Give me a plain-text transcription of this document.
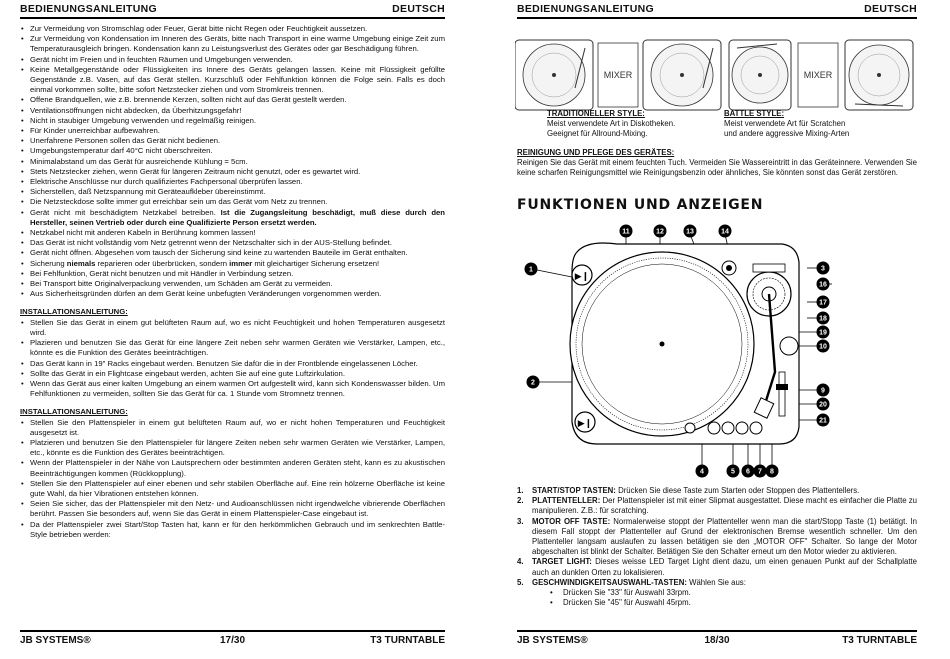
BEDIENUNGSANLEITUNG	DEUTSCH
• Zur Vermeidung von Stromschlag oder Feuer, Gerät bitte nicht Regen oder Feuchtigkeit aussetzen.
• Zur Vermeidung von Kondensation im Inneren des Geräts, bitte nach Transport in eine warme Umgebung einige Zeit zum Temperaturausgleich bringen. Kondensation kann zu Leistungsverlust des Gerätes oder gar Beschädigung führen.
• Gerät nicht im Freien und in feuchten Räumen und Umgebungen verwenden.
• Keine Metallgegenstände oder Flüssigkeiten ins Innere des Geräts gelangen lassen. Keine mit Flüssigkeit gefüllte Gegenstände z.B. Vasen, auf das Gerät stellen. Kurzschluß oder Fehlfunktion können die Folge sein. Falls es doch einmal vorkommen sollte, bitte sofort Netzstecker ziehen und vom Stromkreis trennen.
• Offene Brandquellen, wie z.B. brennende Kerzen, sollten nicht auf das Gerät gestellt werden.
• Ventilationsöffnungen nicht abdecken, da Überhitzungsgefahr!
• Nicht in staubiger Umgebung verwenden und regelmäßig reinigen.
• Für Kinder unerreichbar aufbewahren.
• Unerfahrene Personen sollen das Gerät nicht bedienen.
• Umgebungstemperatur darf 40°C nicht überschreiten.
• Minimalabstand um das Gerät für ausreichende Kühlung = 5cm.
• Stets Netzstecker ziehen, wenn Gerät für längeren Zeitraum nicht genutzt, oder es gewartet wird.
• Elektrische Anschlüsse nur durch qualifiziertes Fachpersonal überprüfen lassen.
• Sicherstellen, daß Netzspannung mit Geräteaufkleber übereinstimmt.
• Die Netzsteckdose sollte immer gut erreichbar sein um das Gerät vom Netz zu trennen.
• Gerät nicht mit beschädigtem Netzkabel betreiben. Ist die Zugangsleitung beschädigt, muß diese durch den Hersteller, seinen Vertrieb oder durch eine Qualifizierte Person ersetzt werden.
• Netzkabel nicht mit anderen Kabeln in Berührung kommen lassen!
• Das Gerät ist nicht vollständig vom Netz getrennt wenn der Netzschalter sich in der AUS-Stellung befindet.
• Gerät nicht öffnen. Abgesehen vom tausch der Sicherung sind keine zu wartenden Bauteile im Gerät enthalten.
• Sicherung niemals reparieren oder überbrücken, sondern immer mit gleichartiger Sicherung ersetzen!
• Bei Fehlfunktion, Gerät nicht benutzen und mit Händler in Verbindung setzen.
• Bei Transport bitte Originalverpackung verwenden, um Schäden am Gerät zu vermeiden.
• Aus Sicherheitsgründen dürfen an dem Gerät keine unbefugten Veränderungen vorgenommen werden.
INSTALLATIONSANLEITUNG:
• Stellen Sie das Gerät in einem gut belüfteten Raum auf, wo es nicht Feuchtigkeit und hohen Temperaturen ausgesetzt wird.
• Plazieren und benutzen Sie das Gerät für eine längere Zeit neben sehr warmen Geräten wie Verstärker, Lampen, etc., könnte es die Funktion des Gerätes beeinträchtigen.
• Das Gerät kann in 19" Racks eingebaut werden. Benutzen Sie dafür die in der Frontblende eingelassenen Löcher.
• Sollte das Gerät in ein Flightcase eingebaut werden, achten Sie auf eine gute Luftzirkulation.
• Wenn das Gerät aus einer kalten Umgebung an einem warmen Ort aufgestellt wird, kann sich Kondenswasser bilden. Um Fehlfunktionen zu vermeiden, sollten Sie das Gerät für ca. 1 Stunde vom Stromnetz trennen.
INSTALLATIONSANLEITUNG:
• Stellen Sie den Plattenspieler in einem gut belüfteten Raum auf, wo er nicht hohen Temperaturen und Feuchtigkeit ausgesetzt ist.
• Platzieren und benutzen Sie den Plattenspieler für längere Zeiten neben sehr warmen Geräten wie Verstärker, Lampen, etc., könnte es die Funktion des Gerätes beeinträchtigen.
• Wenn der Plattenspieler in der Nähe von Lautsprechern oder bestimmten anderen Geräten steht, kann es zu akustischen Beeinträchtigungen kommen (Rückkopplung).
• Stellen Sie den Plattenspieler auf einer ebenen und sehr stabilen Oberfläche auf. Eine rein hölzerne Oberfläche ist keine gute Wahl, da hier Vibrationen entstehen können.
• Seien Sie sicher, das der Plattenspieler mit den Netz- und Audioanschlüssen nicht irgendwelche vibrierende Oberflächen berührt. Passen Sie besonders auf, wenn Sie das Gerät in einem Plattenspieler-Case eingebaut ist.
• Da der Plattenspieler zwei Start/Stop Tasten hat, kann er für den herkömmlichen Gebrauch und im senkrechten Battle-Style betrieben werden:
JB SYSTEMS®	17/30	T3 TURNTABLE
BEDIENUNGSANLEITUNG	DEUTSCH
MIXER	MIXER
TRADITIONELLER STYLE:
Meist verwendete Art in Diskotheken.
Geeignet für Allround-Mixing.
BATTLE STYLE:
Meist verwendete Art für Scratchen
und andere aggressive Mixing-Arten
REINIGUNG UND PFLEGE DES GERÄTES:
Reinigen Sie das Gerät mit einem feuchten Tuch. Vermeiden Sie Wassereintritt in das Geräteinnere. Verwenden Sie keine scharfen Reinigungsmittel wie Reinigungsbenzin oder ähnliches, Sie könnten sonst das Gerät zerstören.
FUNKTIONEN UND ANZEIGEN
▶❙
▶❙
11	12	13	14
1
2
3
16
17
18
19
10
9
20
21
4	5 6 7 8
1. START/STOP TASTEN: Drücken Sie diese Taste zum Starten oder Stoppen des Plattentellers.
2. PLATTENTELLER: Der Plattenspieler ist mit einer Slipmat ausgestattet. Diese macht es einfacher die Platte zu manipulieren. Z.B.: für scratching.
3. MOTOR OFF TASTE: Normalerweise stoppt der Plattenteller wenn man die start/Stopp Taste (1) betätigt. In diesem Fall stoppt der Plattenteller auf Grund der elektronischen Bremse wesentlich schneller. Um den Plattenteller langsam auslaufen zu lassen betätigen sie den „MOTOR OFF" Schalter. So lange der Motor abgeschalten ist blinkt der Schalter. Betätigen Sie den Schalter erneut um den Motor wieder zu aktivieren.
4. TARGET LIGHT: Dieses weisse LED Target Light dient dazu, um einen genauen Punkt auf der Schallplatte auch an dunklen Orten zu lokalisieren.
5. GESCHWINDIGKEITSAUSWAHL-TASTEN: Wählen Sie aus:
• Drücken Sie "33" für Auswahl 33rpm.
• Drücken Sie "45" für Auswahl 45rpm.
JB SYSTEMS®	18/30	T3 TURNTABLE
